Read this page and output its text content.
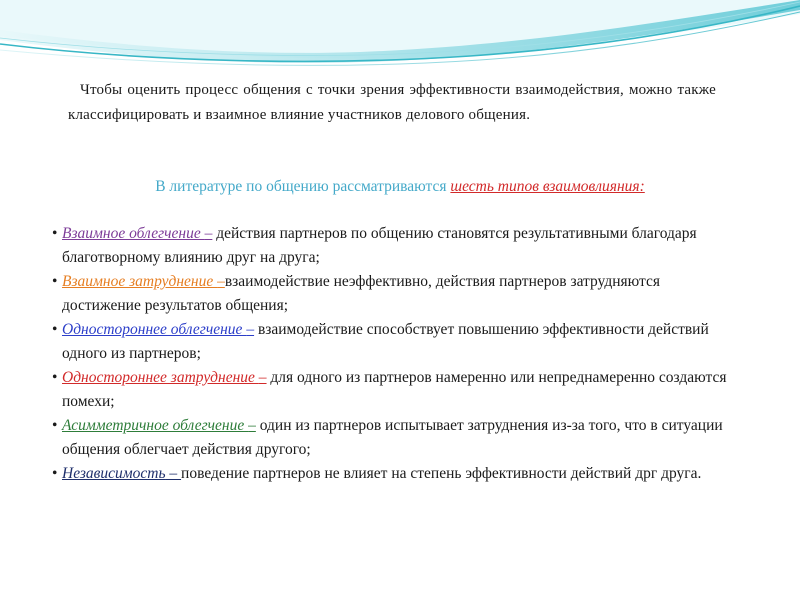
Чтобы оценить процесс общения с точки зрения эффективности взаимодействия, можно также классифицировать и взаимное влияние участников делового общения.

В литературе по общению рассматриваются шесть типов взаимовлияния:

• Взаимное облегчение – действия партнеров по общению становятся результативными благодаря благотворному влиянию друг на друга;
• Взаимное затруднение –взаимодействие неэффективно, действия партнеров затрудняются достижение результатов общения;
• Одностороннее облегчение – взаимодействие способствует повышению эффективности действий одного из партнеров;
• Одностороннее затруднение – для одного из партнеров намеренно или непреднамеренно создаются помехи;
• Асимметричное облегчение – один из партнеров испытывает затруднения из-за того, что в ситуации общения облегчает действия другого;
• Независимость – поведение партнеров не влияет на степень эффективности действий дрг друга.
